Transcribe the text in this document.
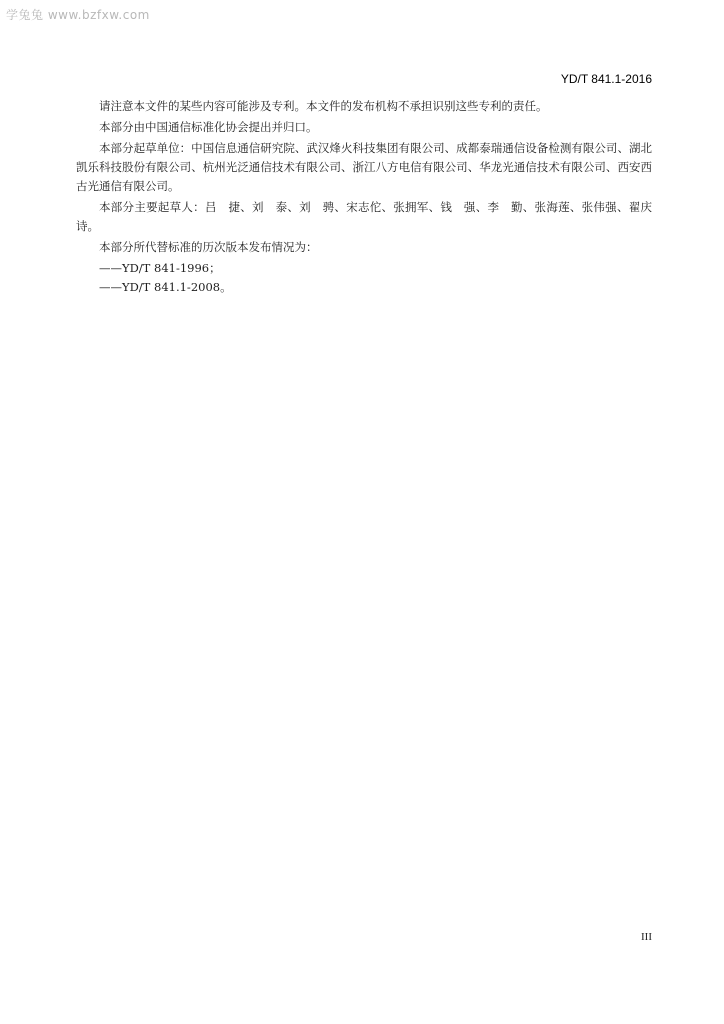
学兔兔 www.bzfxw.com
YD/T 841.1-2016

请注意本文件的某些内容可能涉及专利。本文件的发布机构不承担识别这些专利的责任。

本部分由中国通信标准化协会提出并归口。

本部分起草单位：中国信息通信研究院、武汉烽火科技集团有限公司、成都泰瑞通信设备检测有限公司、湖北凯乐科技股份有限公司、杭州光泛通信技术有限公司、浙江八方电信有限公司、华龙光通信技术有限公司、西安西古光通信有限公司。

本部分主要起草人：吕　捷、刘　泰、刘　骋、宋志佗、张拥军、钱　强、李　勤、张海莲、张伟强、翟庆诗。

本部分所代替标准的历次版本发布情况为：

——YD/T 841-1996；

——YD/T 841.1-2008。

III
